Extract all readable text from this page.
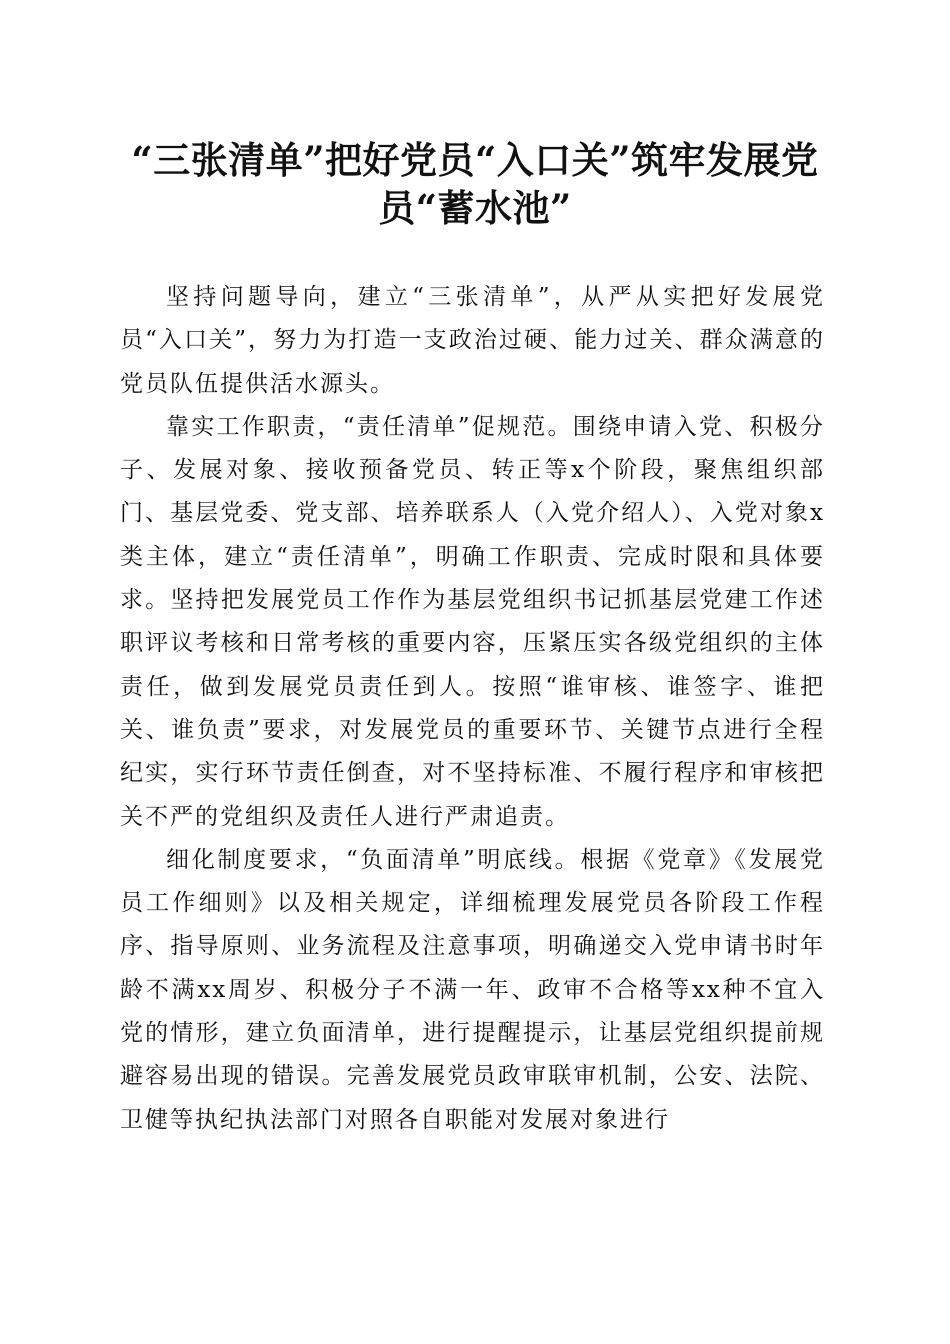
“三张清单”把好党员“入口关”筑牢发展党员“蓄水池”

坚持问题导向，建立“三张清单”，从严从实把好发展党员“入口关”，努力为打造一支政治过硬、能力过关、群众满意的党员队伍提供活水源头。

靠实工作职责，“责任清单”促规范。围绕申请入党、积极分子、发展对象、接收预备党员、转正等x个阶段，聚焦组织部门、基层党委、党支部、培养联系人（入党介绍人）、入党对象x类主体，建立“责任清单”，明确工作职责、完成时限和具体要求。坚持把发展党员工作作为基层党组织书记抓基层党建工作述职评议考核和日常考核的重要内容，压紧压实各级党组织的主体责任，做到发展党员责任到人。按照“谁审核、谁签字、谁把关、谁负责”要求，对发展党员的重要环节、关键节点进行全程纪实，实行环节责任倒查，对不坚持标准、不履行程序和审核把关不严的党组织及责任人进行严肃追责。

细化制度要求，“负面清单”明底线。根据《党章》《发展党员工作细则》以及相关规定，详细梳理发展党员各阶段工作程序、指导原则、业务流程及注意事项，明确递交入党申请书时年龄不满xx周岁、积极分子不满一年、政审不合格等xx种不宜入党的情形，建立负面清单，进行提醒提示，让基层党组织提前规避容易出现的错误。完善发展党员政审联审机制，公安、法院、卫健等执纪执法部门对照各自职能对发展对象进行
